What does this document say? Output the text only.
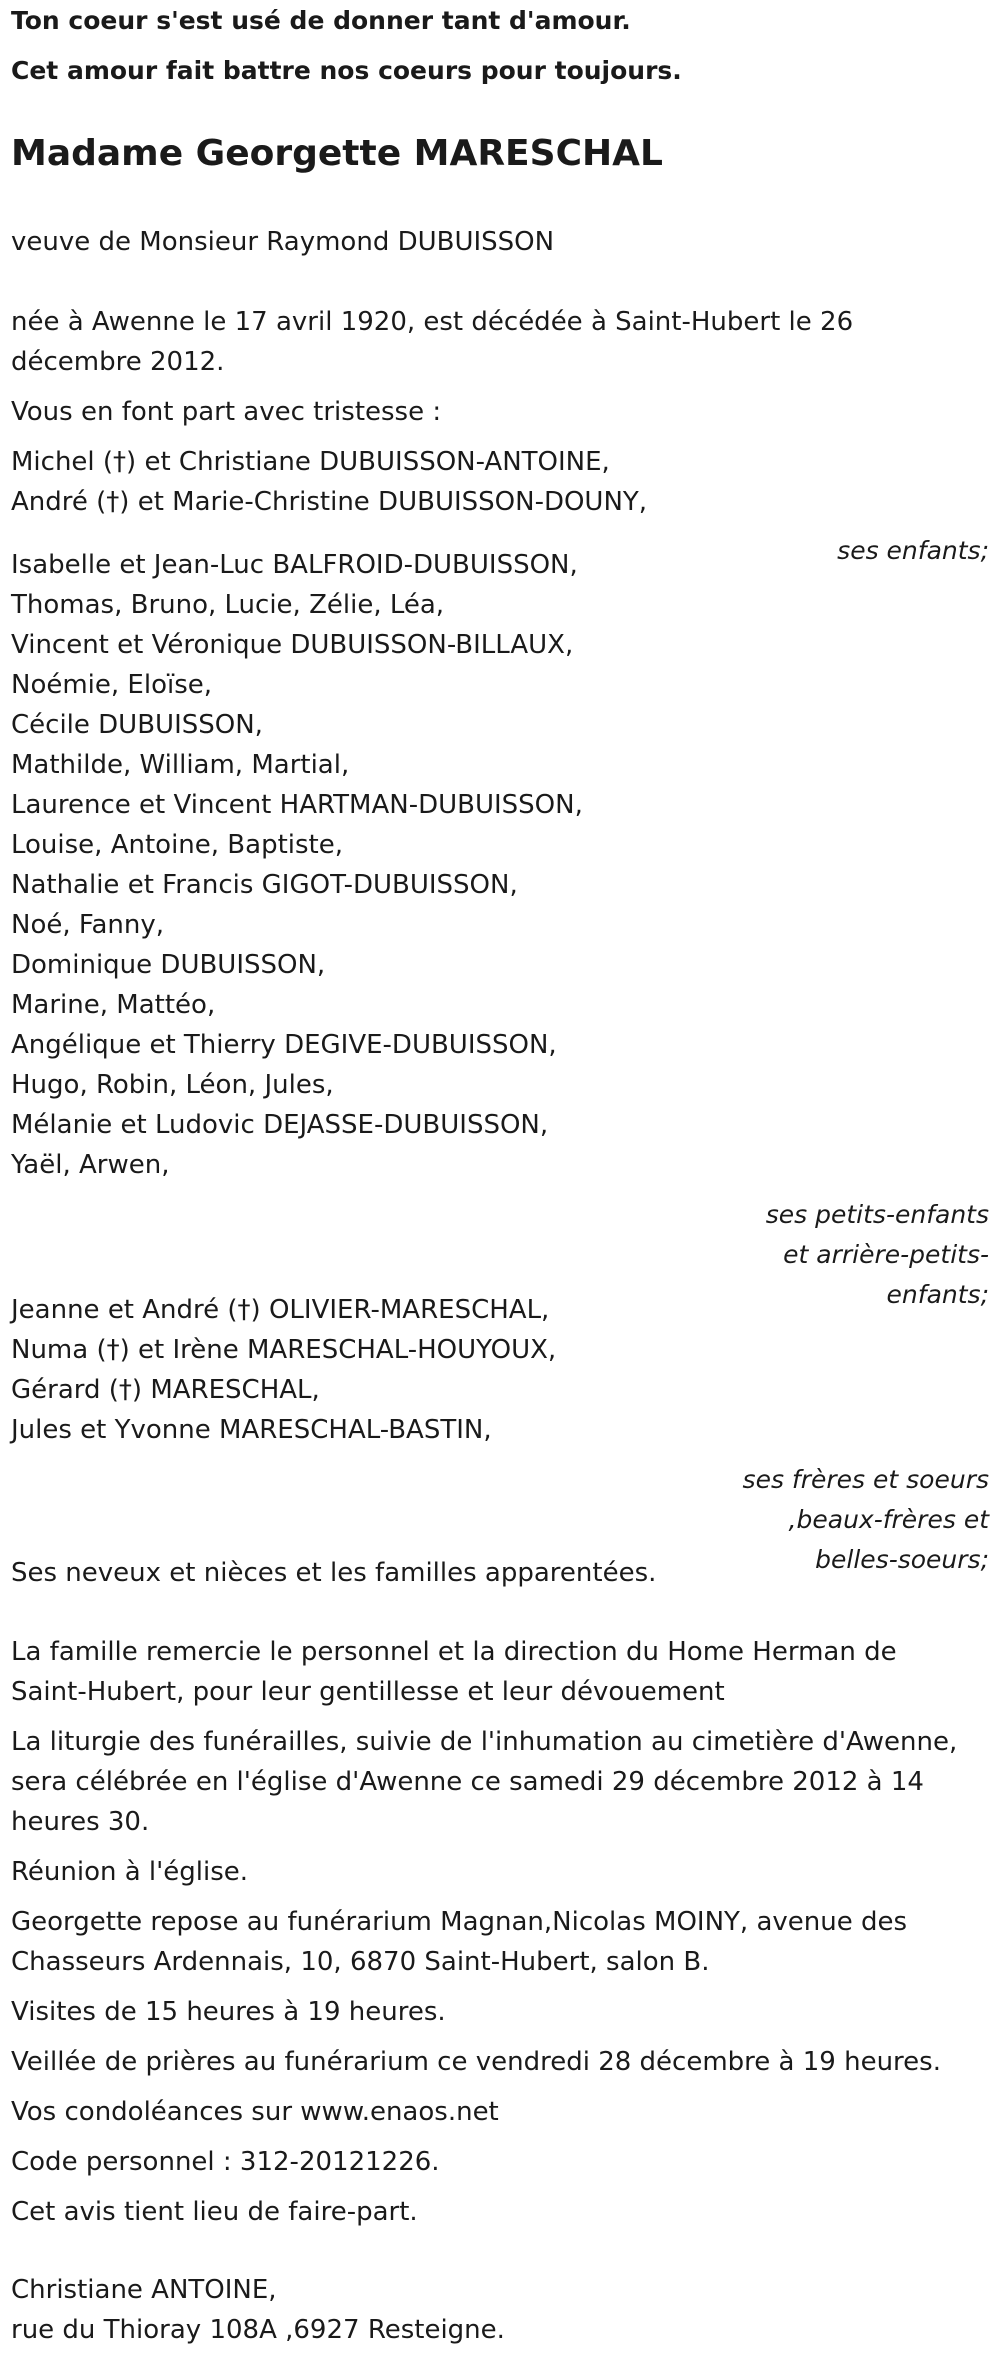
Ton coeur s'est usé de donner tant d'amour.

Cet amour fait battre nos coeurs pour toujours.

Madame Georgette MARESCHAL

veuve de Monsieur Raymond DUBUISSON

née à Awenne le 17 avril 1920, est décédée à Saint-Hubert le 26

décembre 2012.

Vous en font part avec tristesse :

Michel (†) et Christiane DUBUISSON-ANTOINE,

André (†) et Marie-Christine DUBUISSON-DOUNY,

ses enfants;

Isabelle et Jean-Luc BALFROID-DUBUISSON,

Thomas, Bruno, Lucie, Zélie, Léa,

Vincent et Véronique DUBUISSON-BILLAUX,

Noémie, Eloïse,

Cécile DUBUISSON,

Mathilde, William, Martial,

Laurence et Vincent HARTMAN-DUBUISSON,

Louise, Antoine, Baptiste,

Nathalie et Francis GIGOT-DUBUISSON,

Noé, Fanny,

Dominique DUBUISSON,

Marine, Mattéo,

Angélique et Thierry DEGIVE-DUBUISSON,

Hugo, Robin, Léon, Jules,

Mélanie et Ludovic DEJASSE-DUBUISSON,

Yaël, Arwen,

ses petits-enfants

et arrière-petits-

enfants;

Jeanne et André (†) OLIVIER-MARESCHAL,

Numa (†) et Irène MARESCHAL-HOUYOUX,

Gérard (†) MARESCHAL,

Jules et Yvonne MARESCHAL-BASTIN,

ses frères et soeurs

,beaux-frères et

belles-soeurs;

Ses neveux et nièces et les familles apparentées.

La famille remercie le personnel et la direction du Home Herman de

Saint-Hubert, pour leur gentillesse et leur dévouement

La liturgie des funérailles, suivie de l'inhumation au cimetière d'Awenne,

sera célébrée en l'église d'Awenne ce samedi 29 décembre 2012 à 14

heures 30.

Réunion à l'église.

Georgette repose au funérarium Magnan,Nicolas MOINY, avenue des

Chasseurs Ardennais, 10, 6870 Saint-Hubert, salon B.

Visites de 15 heures à 19 heures.

Veillée de prières au funérarium ce vendredi 28 décembre à 19 heures.

Vos condoléances sur www.enaos.net

Code personnel : 312-20121226.

Cet avis tient lieu de faire-part.

Christiane ANTOINE,

rue du Thioray 108A ,6927 Resteigne.
